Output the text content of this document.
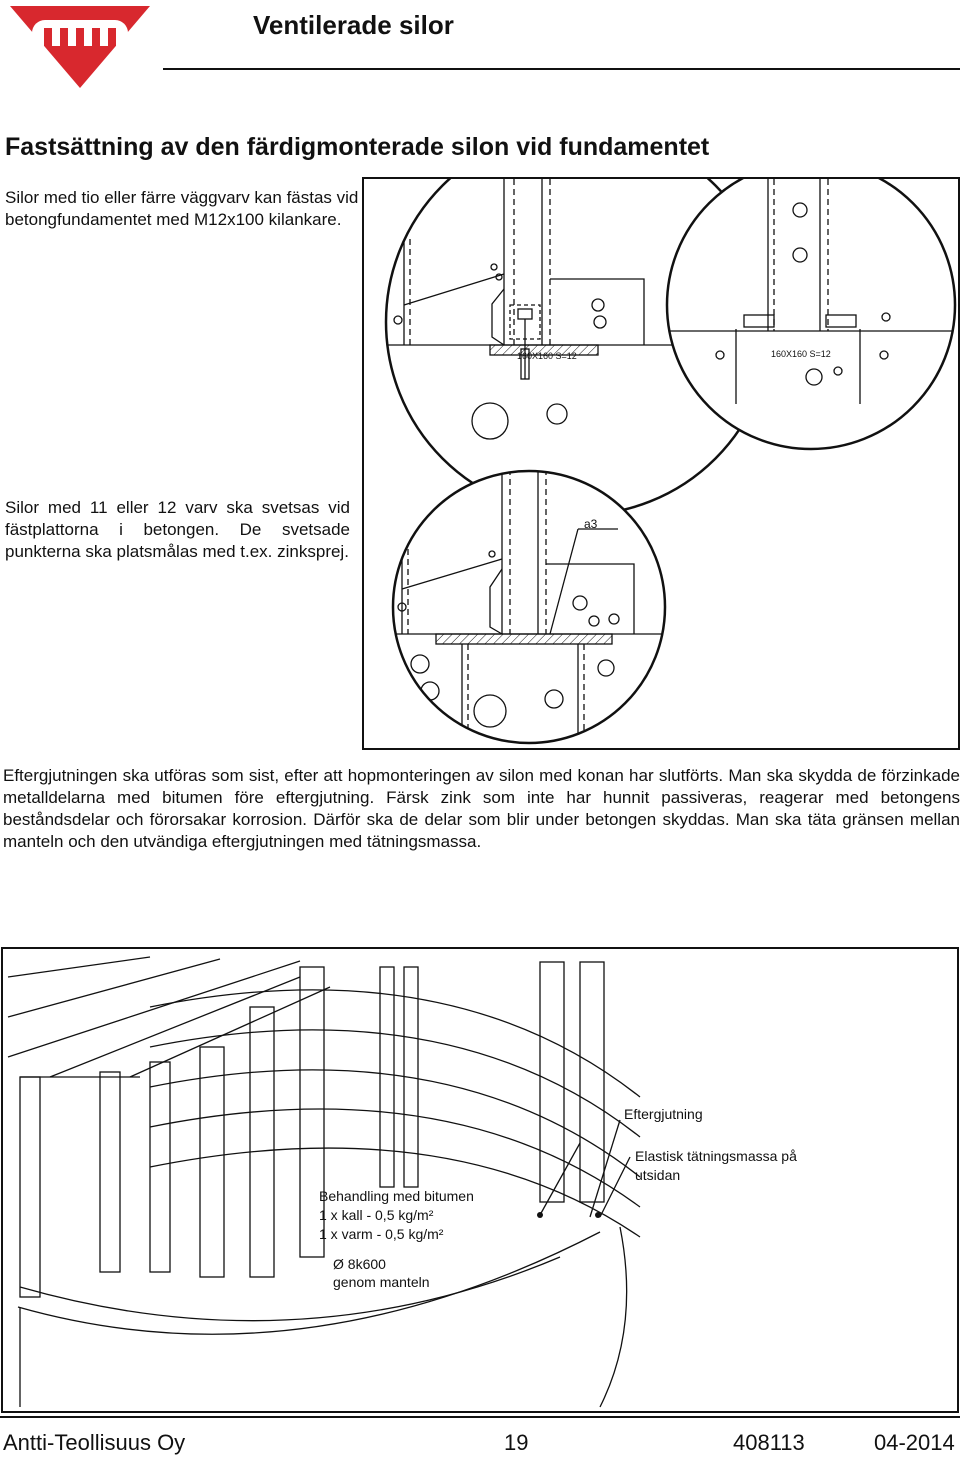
Ventilerade silor
Fastsättning av den färdigmonterade silon vid fundamentet
Silor med tio eller färre väggvarv kan fästas vid betongfundamentet med M12x100 kilankare.
Silor med 11 eller 12 varv ska svetsas vid fästplattorna i betongen. De svetsade punkterna ska platsmålas med t.ex. zinksprej.
Eftergjutningen ska utföras som sist, efter att hopmonteringen av silon med konan har slutförts. Man ska skydda de förzinkade metalldelarna med bitumen före eftergjutning. Färsk zink som inte har hunnit passiveras, reagerar med betongens beståndsdelar och förorsakar korrosion. Därför ska de delar som blir under betongen skyddas. Man ska täta gränsen mellan manteln och den utvändiga eftergjutningen med tätningsmassa.
160X160 S=12	160X160 S=12
a3
Eftergjutning
Elastisk tätningsmassa på
utsidan
Behandling med bitumen
1 x kall - 0,5 kg/m²
1 x varm - 0,5 kg/m²
Ø 8k600
genom manteln
Antti-Teollisuus Oy	19	408113	04-2014
